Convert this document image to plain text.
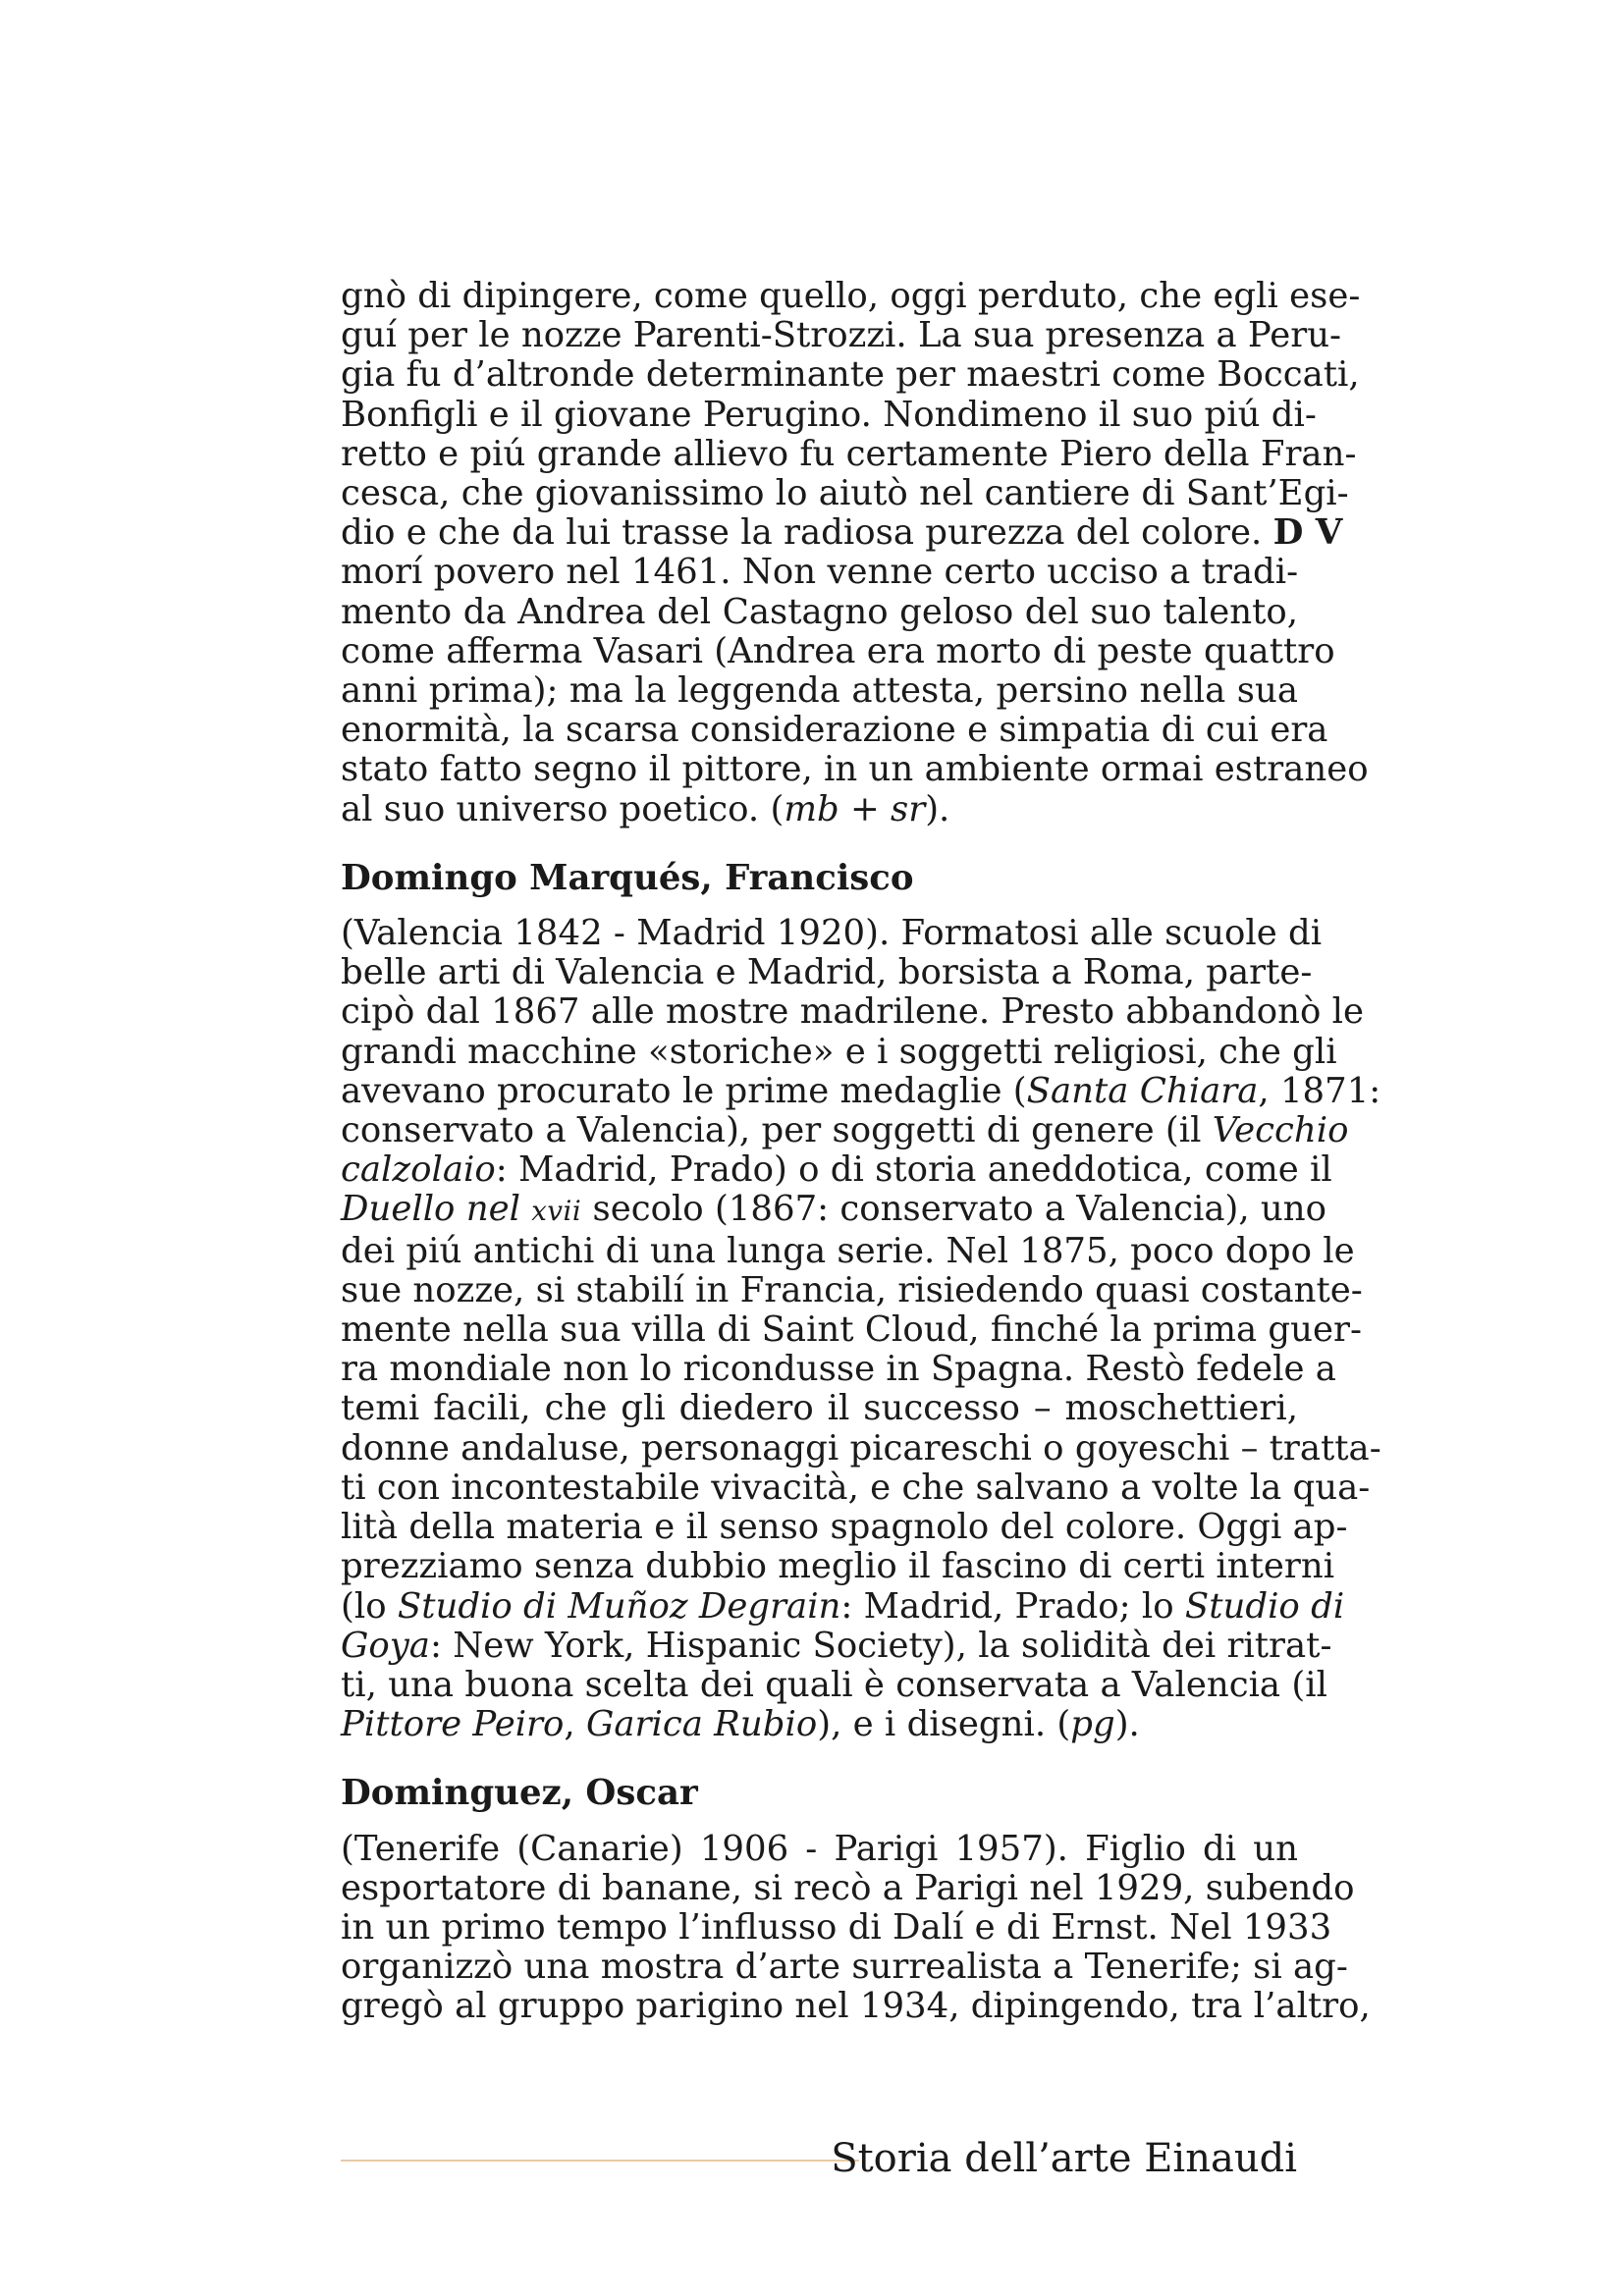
gnò di dipingere, come quello, oggi perduto, che egli ese-
guí per le nozze Parenti-Strozzi. La sua presenza a Peru-
gia fu d’altronde determinante per maestri come Boccati,
Bonfigli e il giovane Perugino. Nondimeno il suo piú di-
retto e piú grande allievo fu certamente Piero della Fran-
cesca, che giovanissimo lo aiutò nel cantiere di Sant’Egi-
dio e che da lui trasse la radiosa purezza del colore. D V
morí povero nel 1461. Non venne certo ucciso a tradi-
mento da Andrea del Castagno geloso del suo talento,
come afferma Vasari (Andrea era morto di peste quattro
anni prima); ma la leggenda attesta, persino nella sua
enormità, la scarsa considerazione e simpatia di cui era
stato fatto segno il pittore, in un ambiente ormai estraneo
al suo universo poetico. (mb + sr).
Domingo Marqués, Francisco
(Valencia 1842 - Madrid 1920). Formatosi alle scuole di
belle arti di Valencia e Madrid, borsista a Roma, parte-
cipò dal 1867 alle mostre madrilene. Presto abbandonò le
grandi macchine «storiche» e i soggetti religiosi, che gli
avevano procurato le prime medaglie (Santa Chiara, 1871:
conservato a Valencia), per soggetti di genere (il Vecchio
calzolaio: Madrid, Prado) o di storia aneddotica, come il
Duello nel xvii secolo (1867: conservato a Valencia), uno
dei piú antichi di una lunga serie. Nel 1875, poco dopo le
sue nozze, si stabilí in Francia, risiedendo quasi costante-
mente nella sua villa di Saint Cloud, finché la prima guer-
ra mondiale non lo ricondusse in Spagna. Restò fedele a
temi facili, che gli diedero il successo – moschettieri,
donne andaluse, personaggi picareschi o goyeschi – tratta-
ti con incontestabile vivacità, e che salvano a volte la qua-
lità della materia e il senso spagnolo del colore. Oggi ap-
prezziamo senza dubbio meglio il fascino di certi interni
(lo Studio di Muñoz Degrain: Madrid, Prado; lo Studio di
Goya: New York, Hispanic Society), la solidità dei ritrat-
ti, una buona scelta dei quali è conservata a Valencia (il
Pittore Peiro, Garica Rubio), e i disegni. (pg).
Dominguez, Oscar
(Tenerife (Canarie) 1906 - Parigi 1957). Figlio di un
esportatore di banane, si recò a Parigi nel 1929, subendo
in un primo tempo l’influsso di Dalí e di Ernst. Nel 1933
organizzò una mostra d’arte surrealista a Tenerife; si ag-
gregò al gruppo parigino nel 1934, dipingendo, tra l’altro,
Storia dell’arte Einaudi
